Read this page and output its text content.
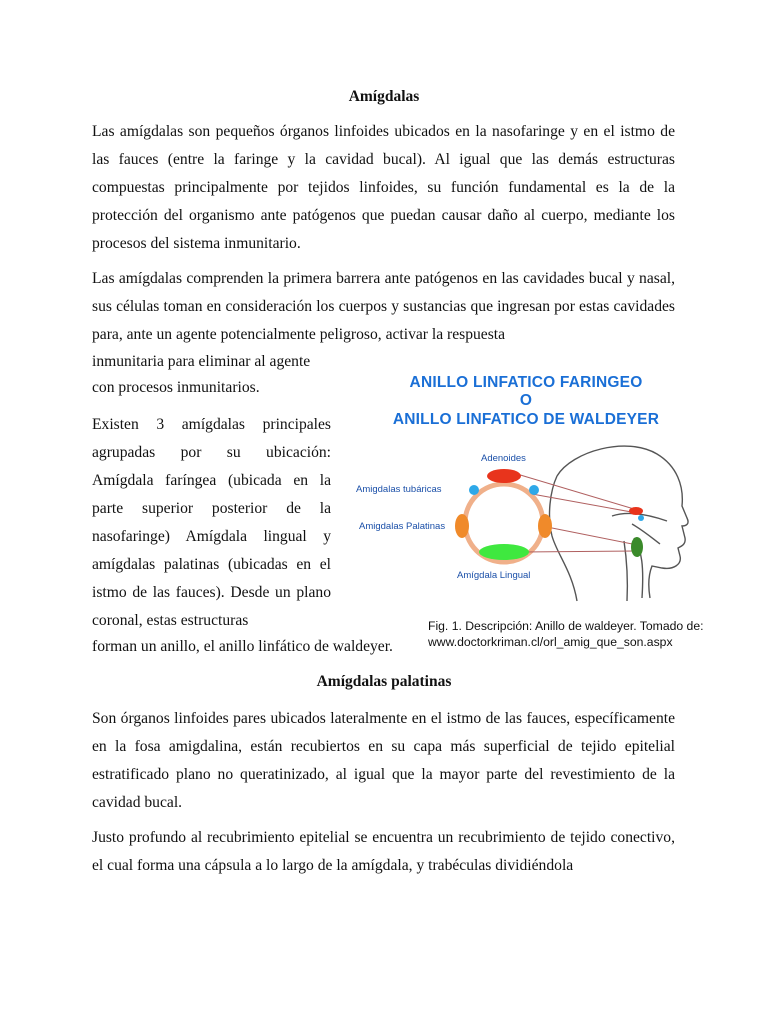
Amígdalas

Las amígdalas son pequeños órganos linfoides ubicados en la nasofaringe y en el istmo de las fauces (entre la faringe y la cavidad bucal). Al igual que las demás estructuras compuestas principalmente por tejidos linfoides, su función fundamental es la de la protección del organismo ante patógenos que puedan causar daño al cuerpo, mediante los procesos del sistema inmunitario.

Las amígdalas comprenden la primera barrera ante patógenos en las cavidades bucal y nasal, sus células toman en consideración los cuerpos y sustancias que ingresan por estas cavidades para, ante un agente potencialmente peligroso, activar la respuesta

inmunitaria para eliminar al agente
con procesos inmunitarios.

Existen 3 amígdalas principales agrupadas por su ubicación: Amígdala faríngea (ubicada en la parte superior posterior de la nasofaringe) Amígdala lingual y amígdalas palatinas (ubicadas en el istmo de las fauces). Desde un plano coronal, estas estructuras

forman un anillo, el anillo linfático de waldeyer.
ANILLO LINFATICO FARINGEO
O
ANILLO LINFATICO DE WALDEYER
Adenoides
Amigdalas tubáricas
Amigdalas Palatinas
Amígdala Lingual
Fig. 1. Descripción: Anillo de waldeyer. Tomado de:
www.doctorkriman.cl/orl_amig_que_son.aspx
Amígdalas palatinas

Son órganos linfoides pares ubicados lateralmente en el istmo de las fauces, específicamente en la fosa amigdalina, están recubiertos en su capa más superficial de tejido epitelial estratificado plano no queratinizado, al igual que la mayor parte del revestimiento de la cavidad bucal.

Justo profundo al recubrimiento epitelial se encuentra un recubrimiento de tejido conectivo, el cual forma una cápsula a lo largo de la amígdala, y trabéculas dividiéndola
